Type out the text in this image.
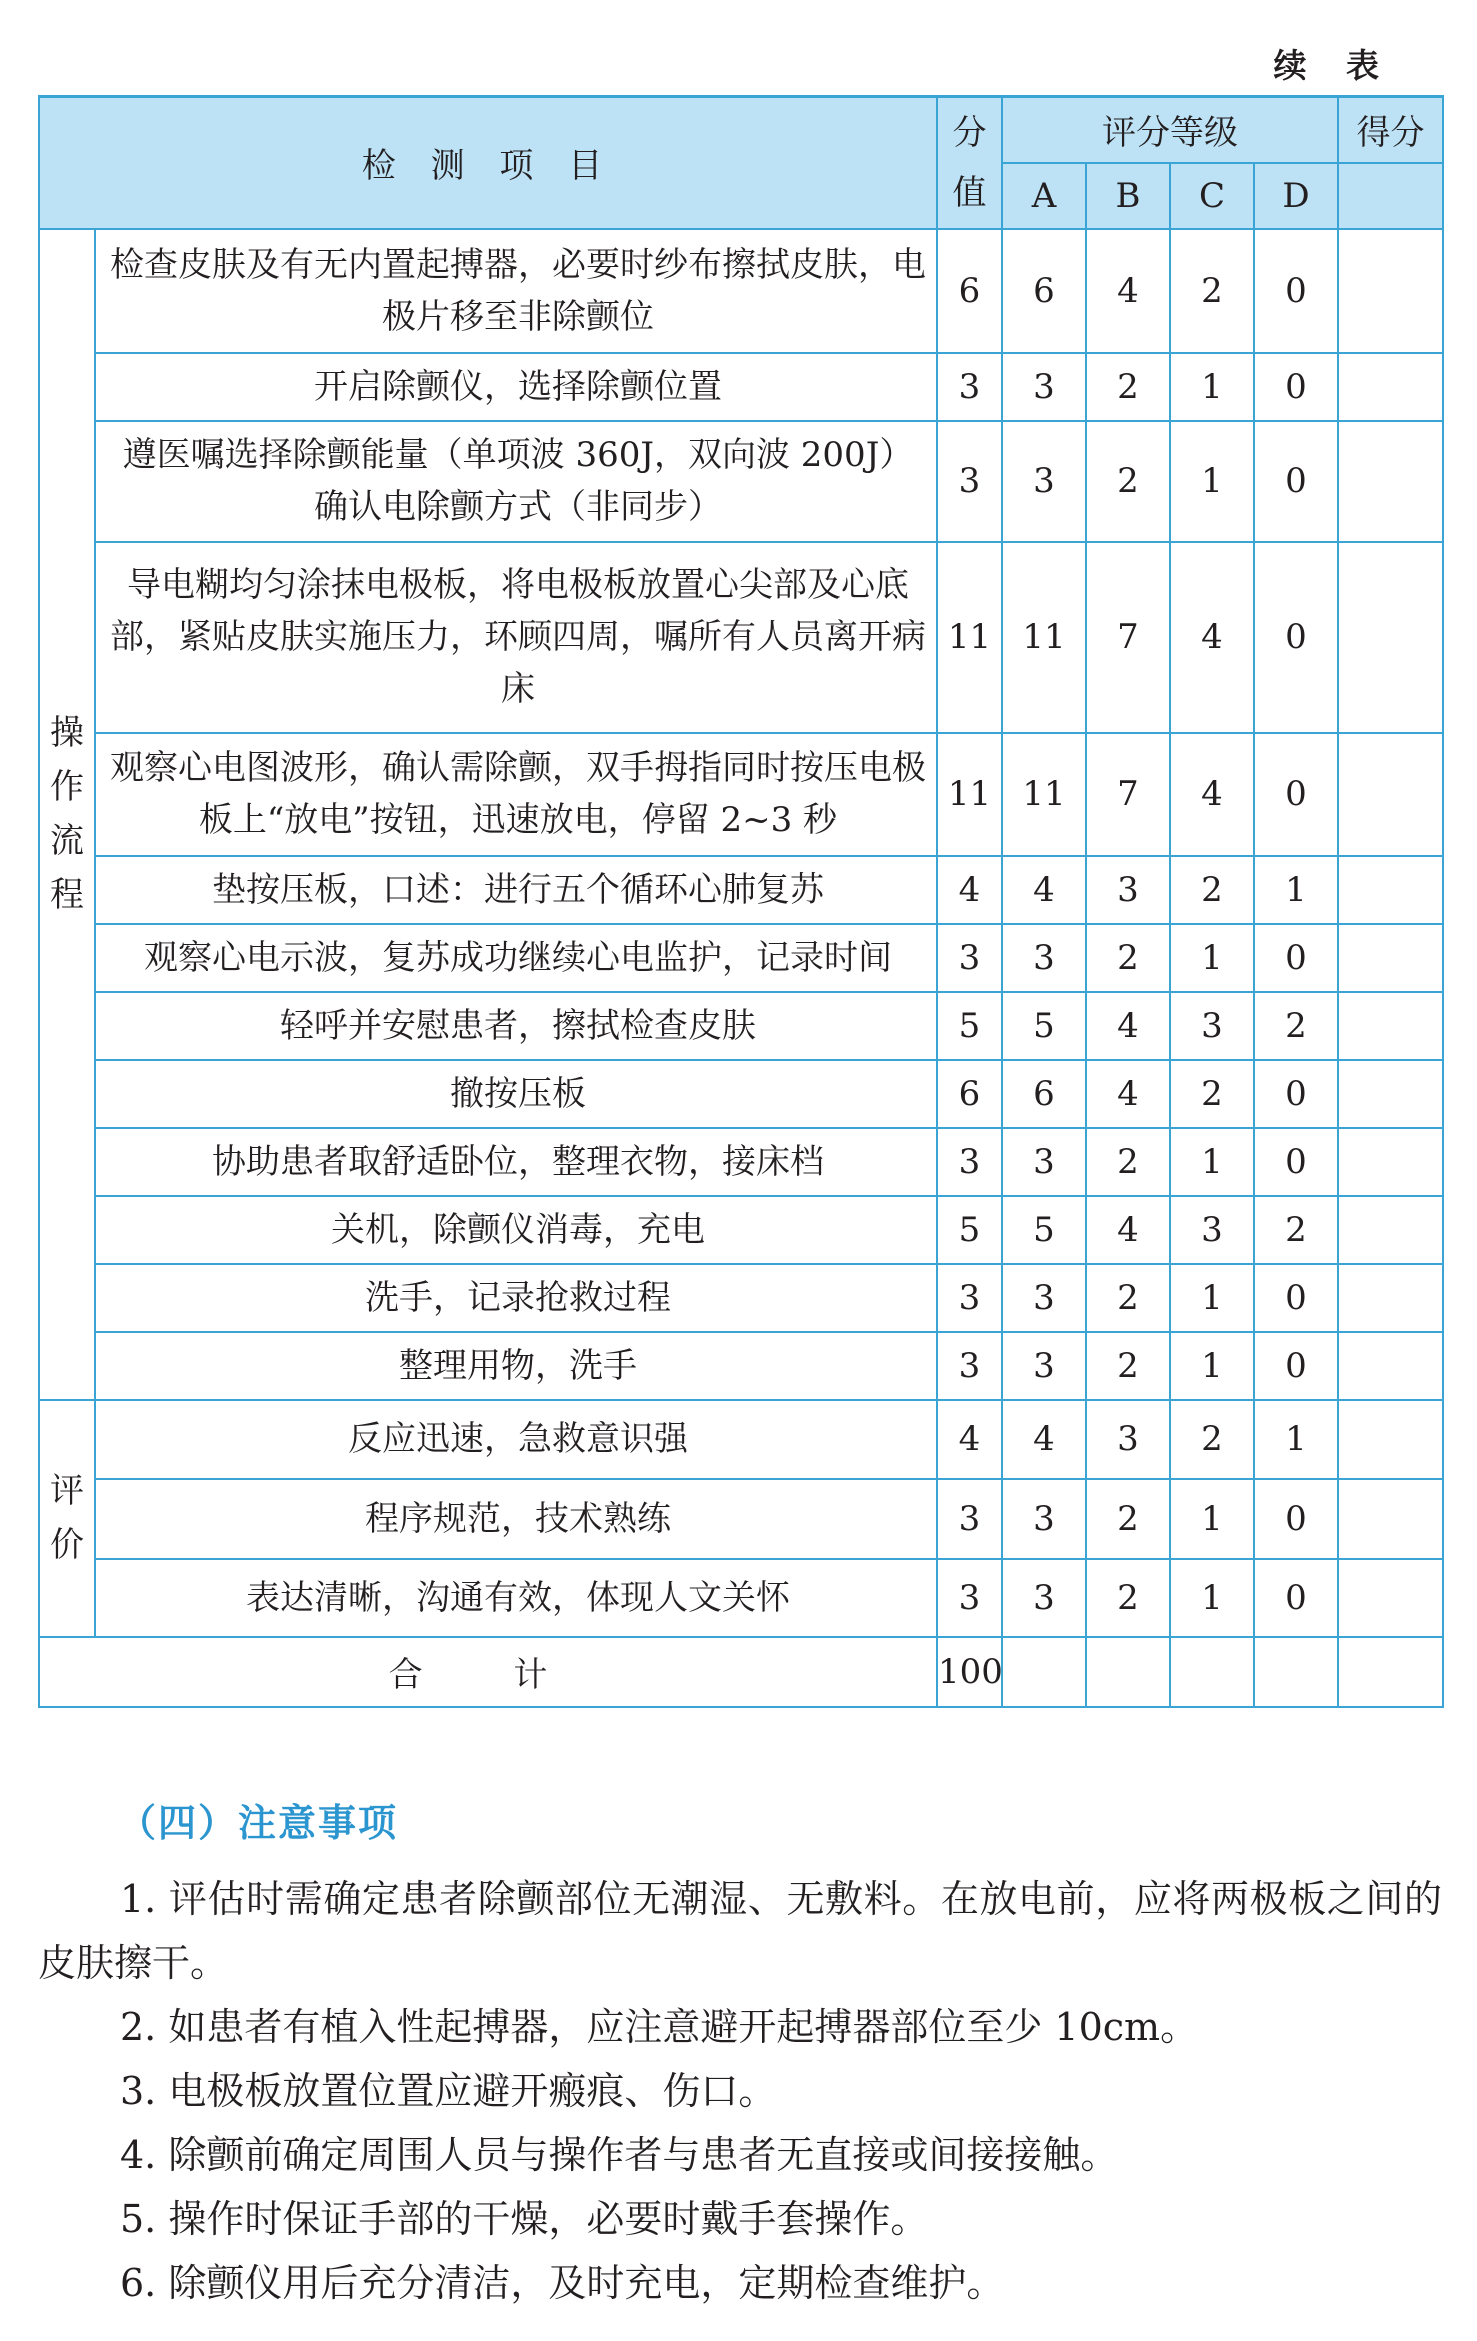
续 表
检 测 项 目		分
值	评分等级				得分
			A	B	C	D	

操
作
流
程	检查皮肤及有无内置起搏器，必要时纱布擦拭皮肤，电极片移至非除颤位	6	6	4	2	0	
	开启除颤仪，选择除颤位置	3	3	2	1	0	
	遵医嘱选择除颤能量（单项波 360J，双向波 200J）确认电除颤方式（非同步）	3	3	2	1	0	
	导电糊均匀涂抹电极板，将电极板放置心尖部及心底部，紧贴皮肤实施压力，环顾四周，嘱所有人员离开病床	11	11	7	4	0	
	观察心电图波形，确认需除颤，双手拇指同时按压电极板上“放电”按钮，迅速放电，停留 2~3 秒	11	11	7	4	0	
	垫按压板，口述：进行五个循环心肺复苏	4	4	3	2	1	
	观察心电示波，复苏成功继续心电监护，记录时间	3	3	2	1	0	
	轻呼并安慰患者，擦拭检查皮肤	5	5	4	3	2	
	撤按压板	6	6	4	2	0	
	协助患者取舒适卧位，整理衣物，接床档	3	3	2	1	0	
	关机，除颤仪消毒，充电	5	5	4	3	2	
	洗手，记录抢救过程	3	3	2	1	0	
	整理用物，洗手	3	3	2	1	0	

评
价	反应迅速，急救意识强	4	4	3	2	1	
	程序规范，技术熟练	3	3	2	1	0	
	表达清晰，沟通有效，体现人文关怀	3	3	2	1	0	
合 计		100					
（四）注意事项

1. 评估时需确定患者除颤部位无潮湿、无敷料。在放电前，应将两极板之间的皮肤擦干。

2. 如患者有植入性起搏器，应注意避开起搏器部位至少 10cm。

3. 电极板放置位置应避开瘢痕、伤口。

4. 除颤前确定周围人员与操作者与患者无直接或间接接触。

5. 操作时保证手部的干燥，必要时戴手套操作。

6. 除颤仪用后充分清洁，及时充电，定期检查维护。
